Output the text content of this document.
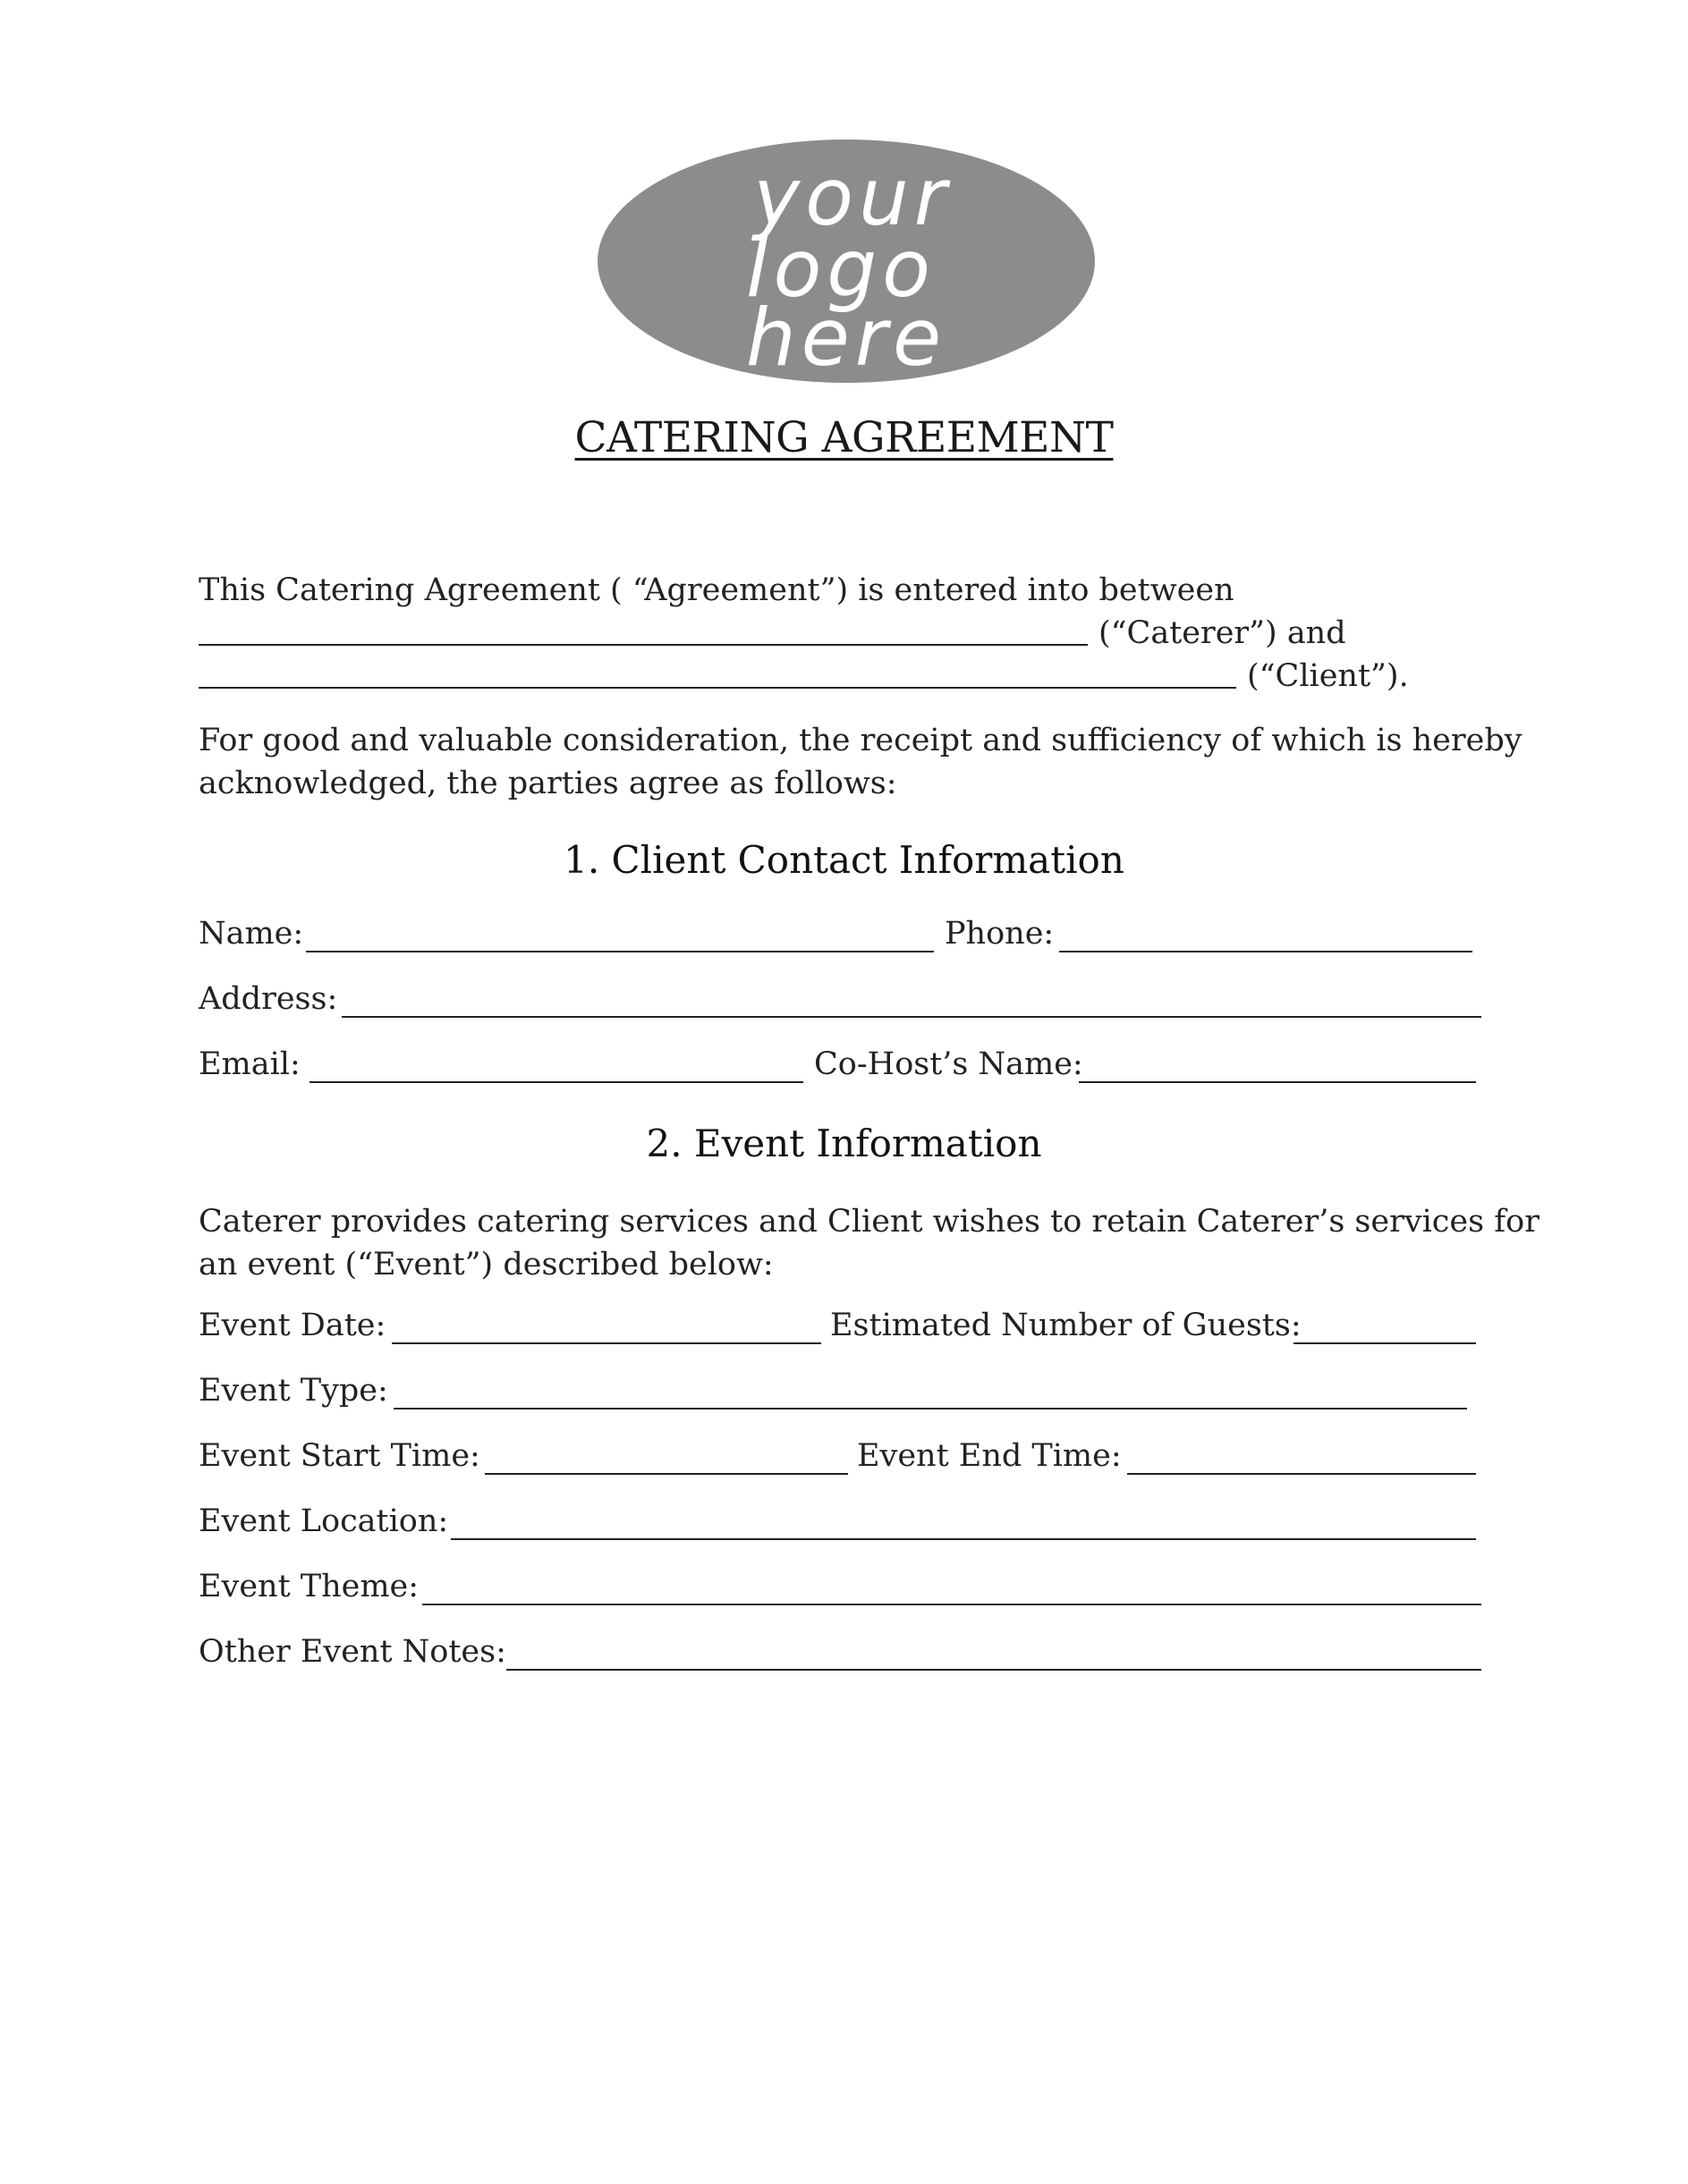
your
logo
here
CATERING AGREEMENT
This Catering Agreement ( “Agreement”) is entered into between
(“Caterer”) and
(“Client”).
For good and valuable consideration, the receipt and sufficiency of which is hereby
acknowledged, the parties agree as follows:
1. Client Contact Information
Name:	Phone:
Address:
Email:	Co-Host’s Name:
2. Event Information
Caterer provides catering services and Client wishes to retain Caterer’s services for
an event (“Event”) described below:
Event Date:	Estimated Number of Guests:
Event Type:
Event Start Time:	Event End Time:
Event Location:
Event Theme:
Other Event Notes:
